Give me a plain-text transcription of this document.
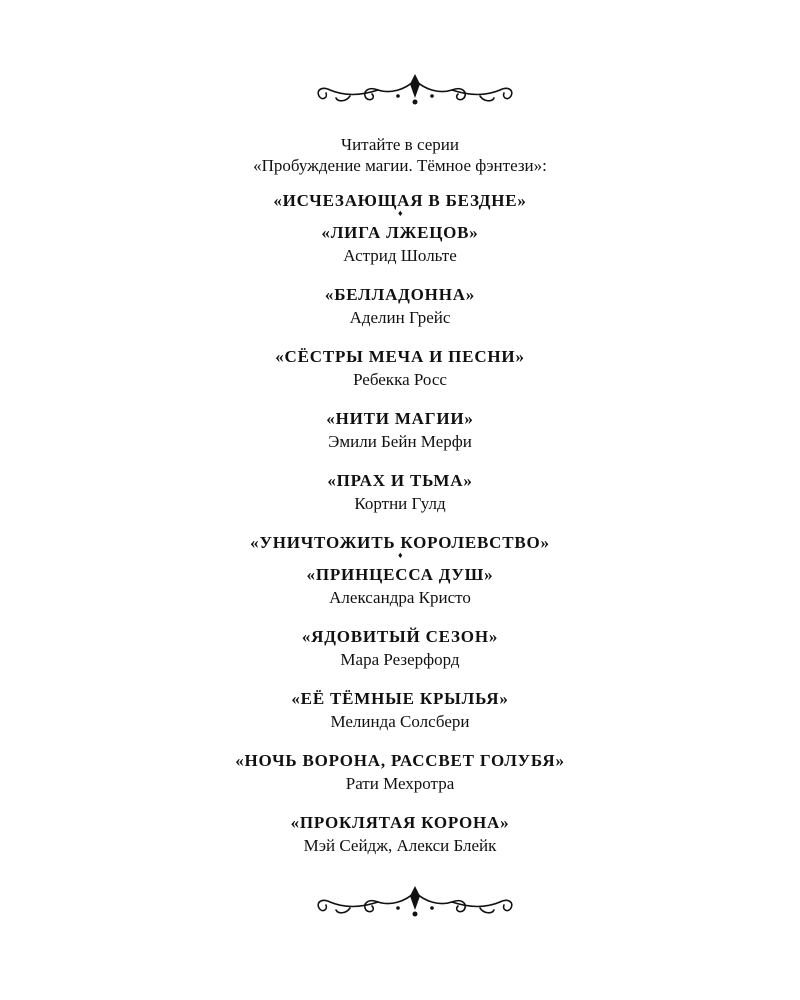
Читайте в серии
«Пробуждение магии. Тёмное фэнтези»:
«ИСЧЕЗАЮЩАЯ В БЕЗДНЕ»
♦
«ЛИГА ЛЖЕЦОВ»
Астрид Шольте
«БЕЛЛАДОННА»
Аделин Грейс
«СЁСТРЫ МЕЧА И ПЕСНИ»
Ребекка Росс
«НИТИ МАГИИ»
Эмили Бейн Мерфи
«ПРАХ И ТЬМА»
Кортни Гулд
«УНИЧТОЖИТЬ КОРОЛЕВСТВО»
♦
«ПРИНЦЕССА ДУШ»
Александра Кристо
«ЯДОВИТЫЙ СЕЗОН»
Мара Резерфорд
«ЕЁ ТЁМНЫЕ КРЫЛЬЯ»
Мелинда Солсбери
«НОЧЬ ВОРОНА, РАССВЕТ ГОЛУБЯ»
Рати Мехротра
«ПРОКЛЯТАЯ КОРОНА»
Мэй Сейдж, Алекси Блейк
